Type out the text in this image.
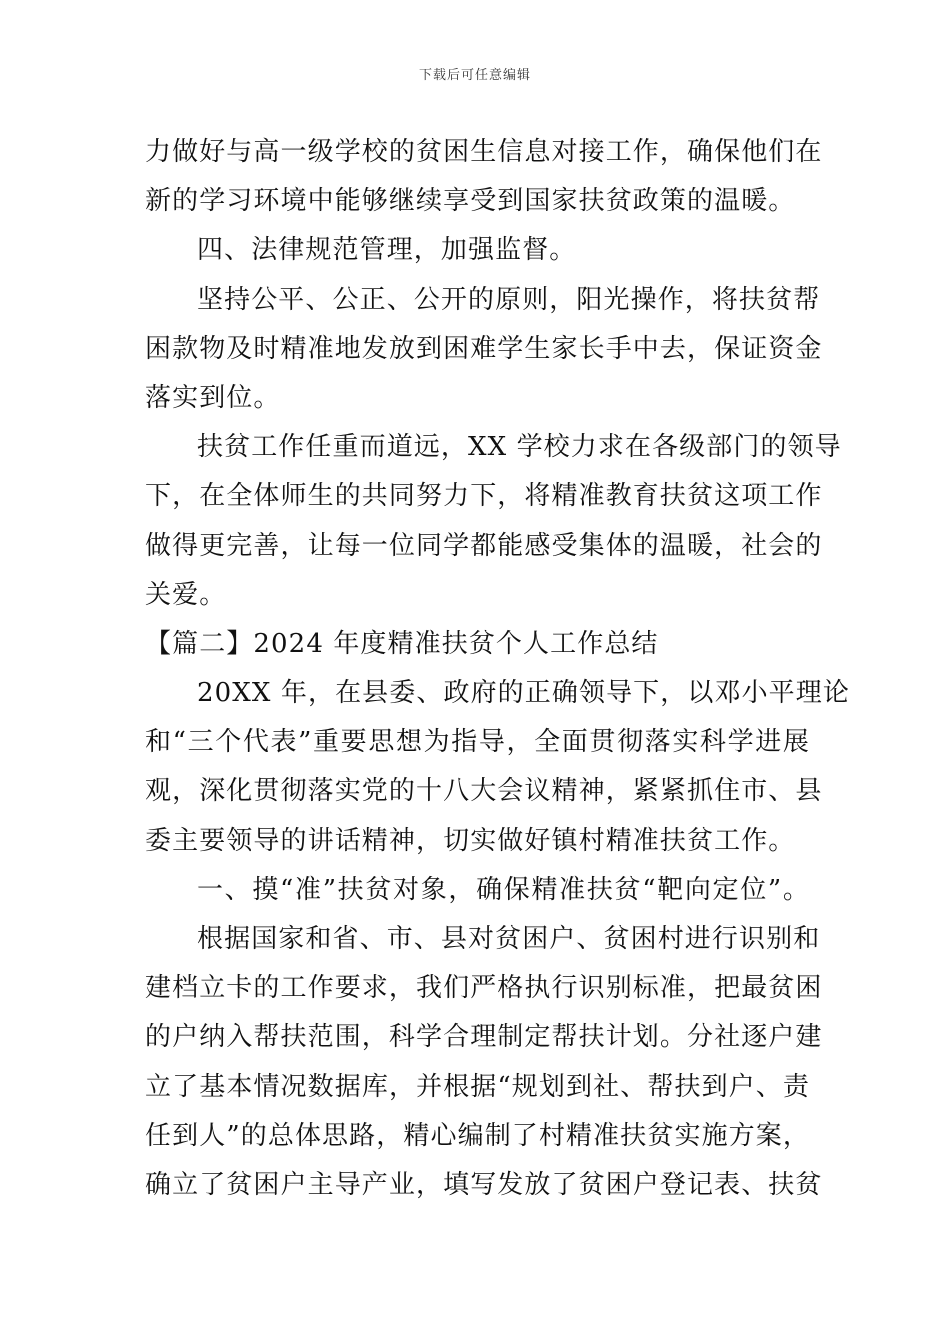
下载后可任意编辑
力做好与高一级学校的贫困生信息对接工作，确保他们在
新的学习环境中能够继续享受到国家扶贫政策的温暖。
四、法律规范管理，加强监督。
坚持公平、公正、公开的原则，阳光操作，将扶贫帮
困款物及时精准地发放到困难学生家长手中去，保证资金
落实到位。
扶贫工作任重而道远，XX 学校力求在各级部门的领导
下，在全体师生的共同努力下，将精准教育扶贫这项工作
做得更完善，让每一位同学都能感受集体的温暖，社会的
关爱。
【篇二】2024 年度精准扶贫个人工作总结
20XX 年，在县委、政府的正确领导下，以邓小平理论
和“三个代表”重要思想为指导，全面贯彻落实科学进展
观，深化贯彻落实党的十八大会议精神，紧紧抓住市、县
委主要领导的讲话精神，切实做好镇村精准扶贫工作。
一、摸“准”扶贫对象，确保精准扶贫“靶向定位”。
根据国家和省、市、县对贫困户、贫困村进行识别和
建档立卡的工作要求，我们严格执行识别标准，把最贫困
的户纳入帮扶范围，科学合理制定帮扶计划。分社逐户建
立了基本情况数据库，并根据“规划到社、帮扶到户、责
任到人”的总体思路，精心编制了村精准扶贫实施方案，
确立了贫困户主导产业，填写发放了贫困户登记表、扶贫
